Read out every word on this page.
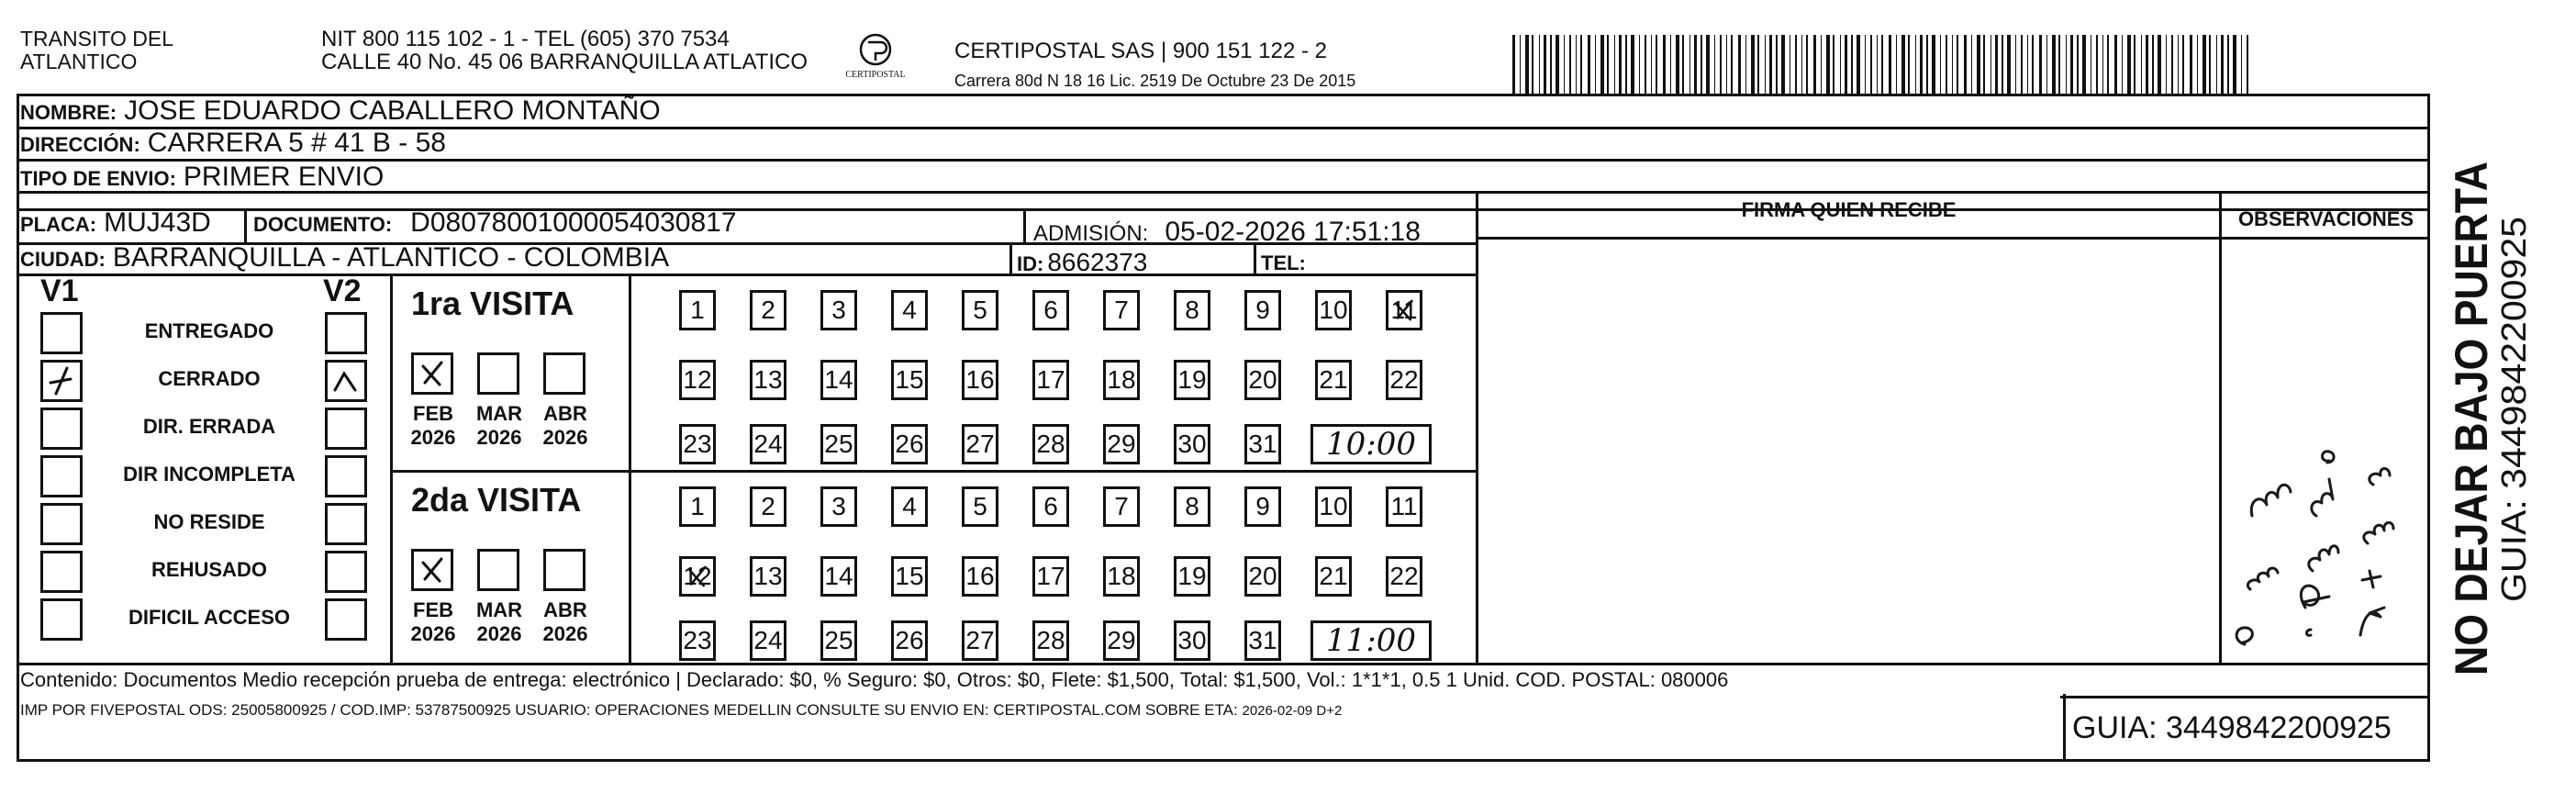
TRANSITO DEL
ATLANTICO
NIT 800 115 102 - 1 - TEL (605) 370 7534
CALLE 40 No. 45 06 BARRANQUILLA ATLATICO
CERTIPOSTAL
CERTIPOSTAL SAS | 900 151 122 - 2
Carrera 80d N 18 16 Lic. 2519 De Octubre 23 De 2015
NOMBRE: JOSE EDUARDO CABALLERO MONTAÑO
DIRECCIÓN: CARRERA 5 # 41 B - 58
TIPO DE ENVIO: PRIMER ENVIO
PLACA: MUJ43D DOCUMENTO: D08078001000054030817	ADMISIÓN: 05-02-2026 17:51:18
CIUDAD: BARRANQUILLA - ATLANTICO - COLOMBIA	ID: 8662373	TEL:
FIRMA QUIEN RECIBE	OBSERVACIONES
V1	V2
ENTREGADO
CERRADO
DIR. ERRADA
DIR INCOMPLETA
NO RESIDE
REHUSADO
DIFICIL ACCESO
1ra VISITA
FEB
2026
MAR
2026
ABR
2026
1 2 3 4 5 6 7 8 9 10 11
12 13 14 15 16 17 18 19 20 21 22
23 24 25 26 27 28 29 30 31	10:00
2da VISITA
FEB
2026
MAR
2026
ABR
2026
1 2 3 4 5 6 7 8 9 10 11
12 13 14 15 16 17 18 19 20 21 22
23 24 25 26 27 28 29 30 31	11:00	NO DEJAR BAJO PUERTA
GUIA: 3449842200925
Contenido: Documentos Medio recepción prueba de entrega: electrónico | Declarado: $0, % Seguro: $0, Otros: $0, Flete: $1,500, Total: $1,500, Vol.: 1*1*1, 0.5 1 Unid. COD. POSTAL: 080006
IMP POR FIVEPOSTAL ODS: 25005800925 / COD.IMP: 53787500925 USUARIO: OPERACIONES MEDELLIN CONSULTE SU ENVIO EN: CERTIPOSTAL.COM SOBRE ETA: 2026-02-09 D+2	GUIA: 3449842200925
